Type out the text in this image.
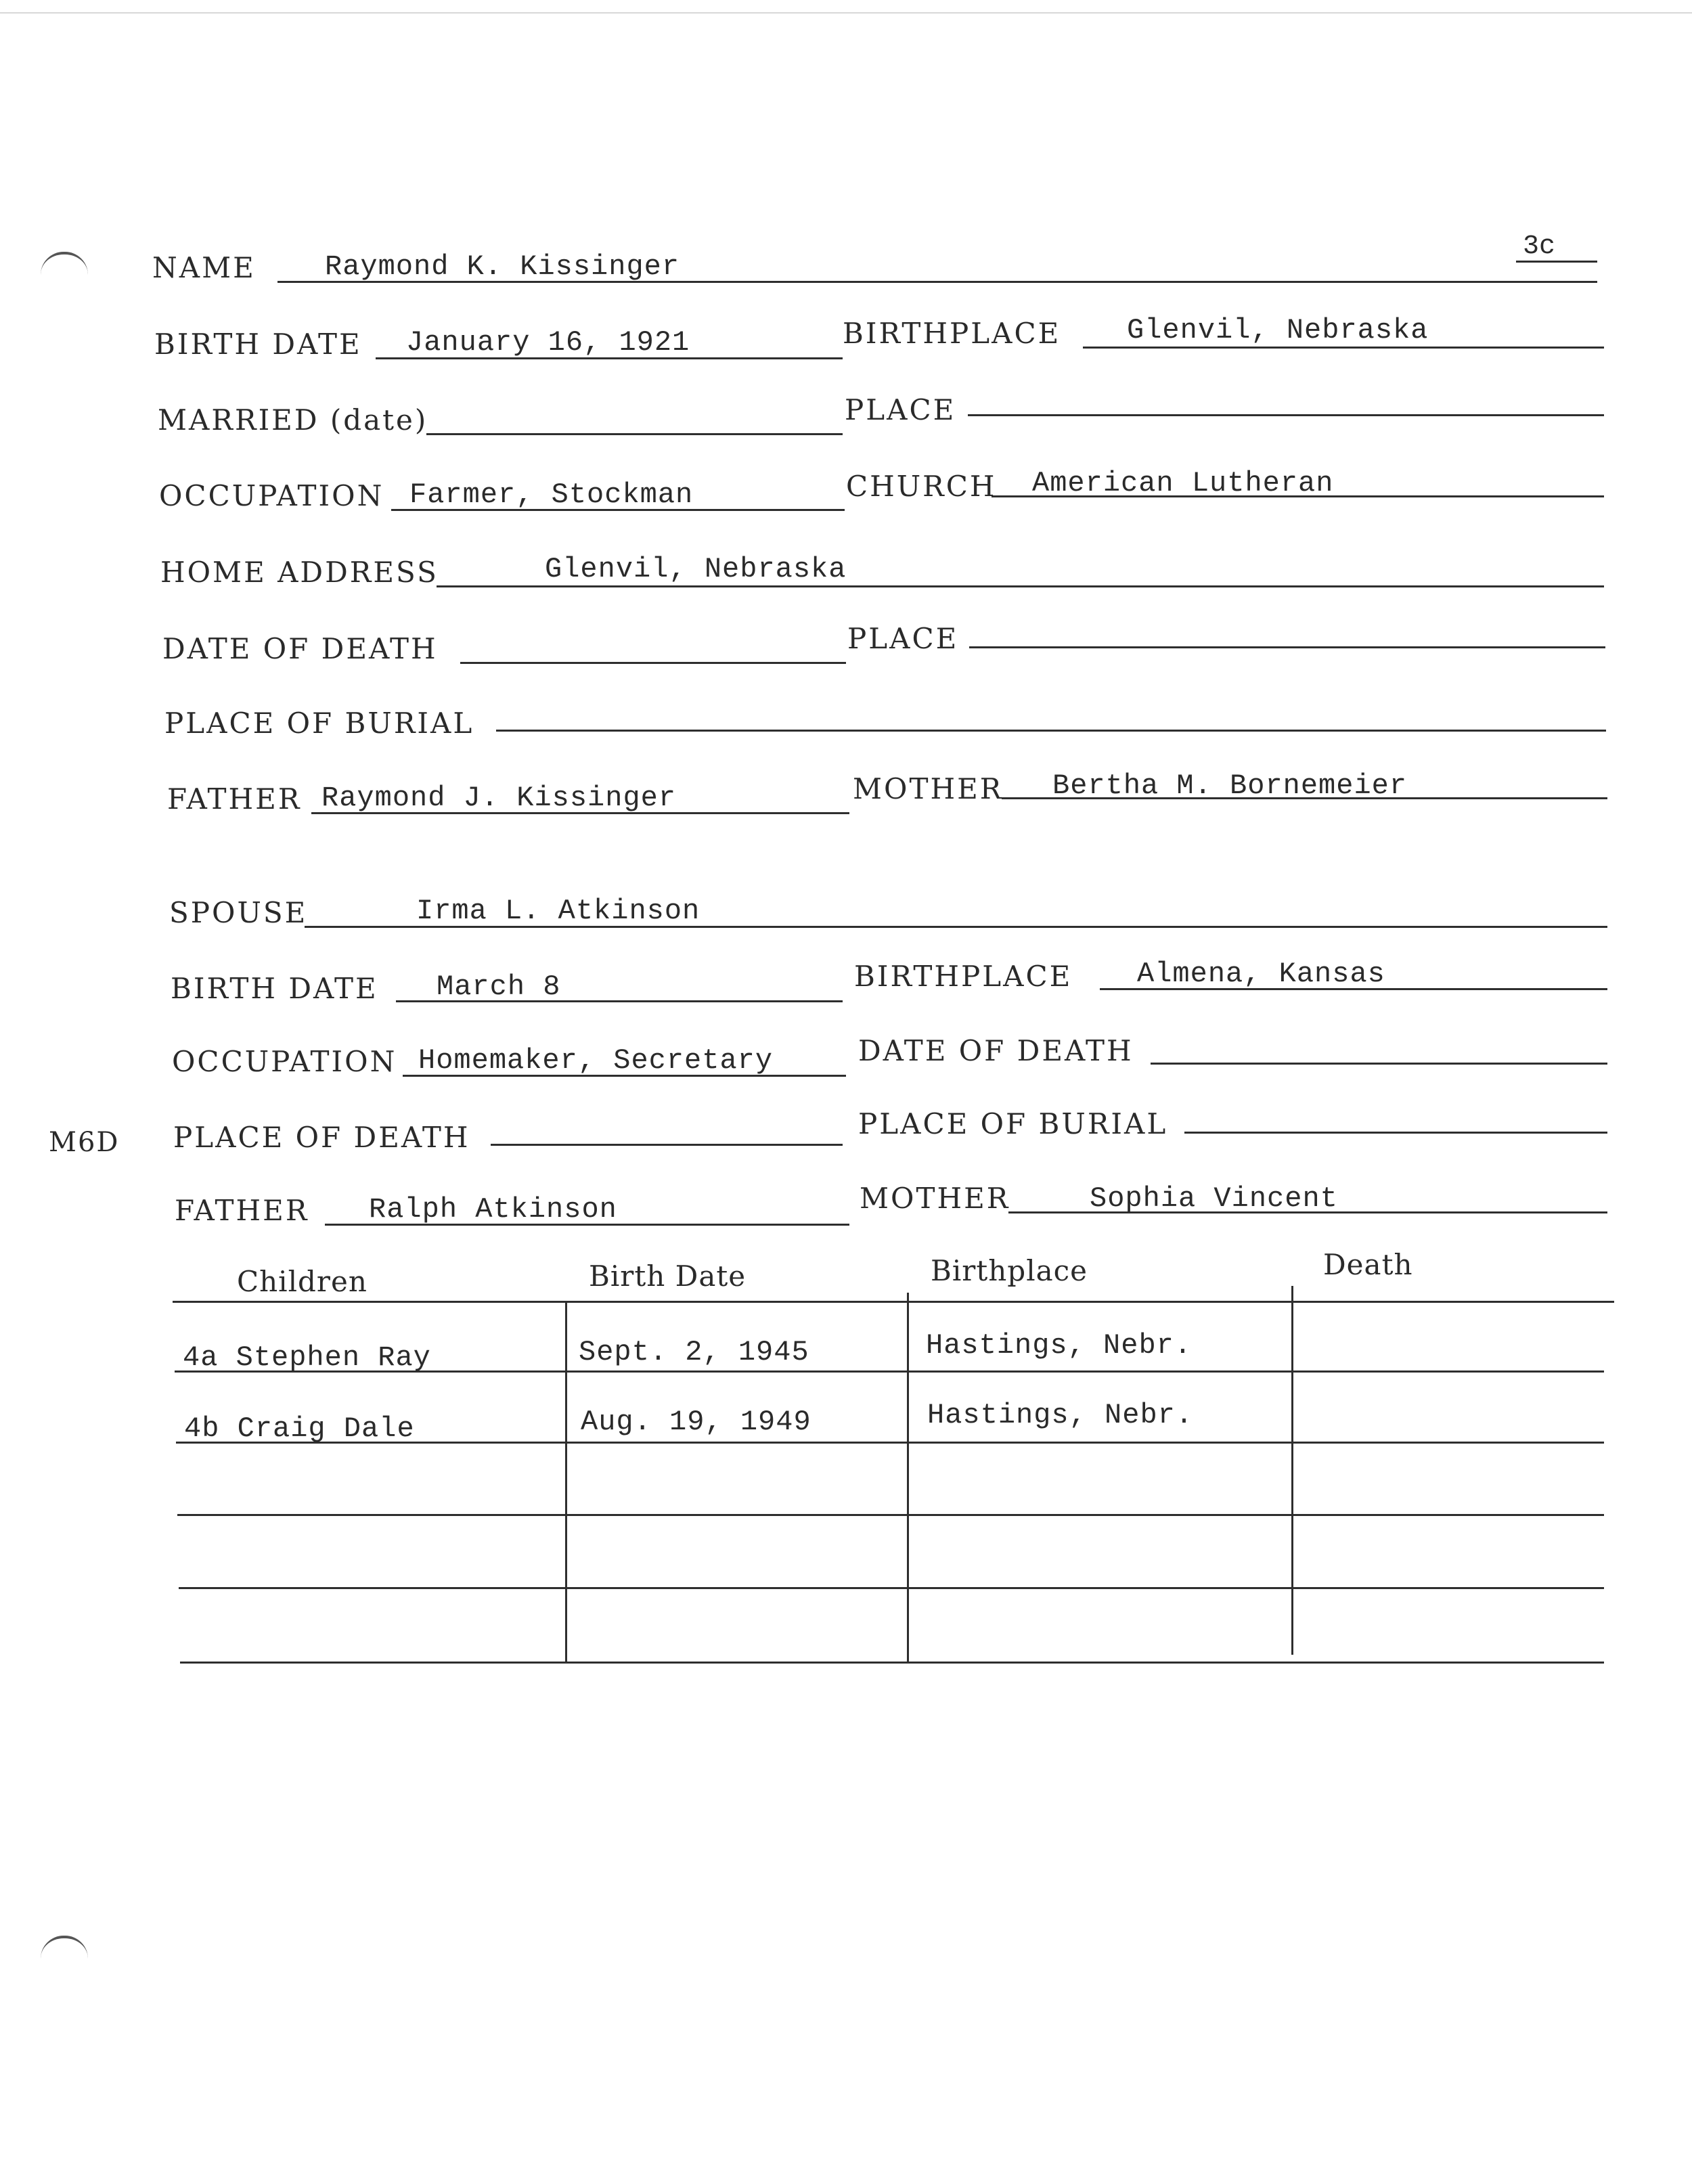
3c
M6D
NAME Raymond K. Kissinger
BIRTH DATE January 16, 1921	BIRTHPLACE Glenvil, Nebraska
MARRIED (date)	PLACE
OCCUPATION Farmer, Stockman	CHURCH American Lutheran
HOME ADDRESS	Glenvil, Nebraska
DATE OF DEATH	PLACE
PLACE OF BURIAL
FATHER Raymond J. Kissinger	MOTHER Bertha M. Bornemeier
SPOUSE	Irma L. Atkinson
BIRTH DATE March 8	BIRTHPLACE Almena, Kansas
OCCUPATION Homemaker, Secretary	DATE OF DEATH
PLACE OF DEATH	PLACE OF BURIAL
FATHER Ralph Atkinson	MOTHER	Sophia Vincent
Children	Birth Date	Birthplace	Death
4a Stephen Ray	Sept. 2, 1945	Hastings, Nebr.
4b Craig Dale	Aug. 19, 1949	Hastings, Nebr.
